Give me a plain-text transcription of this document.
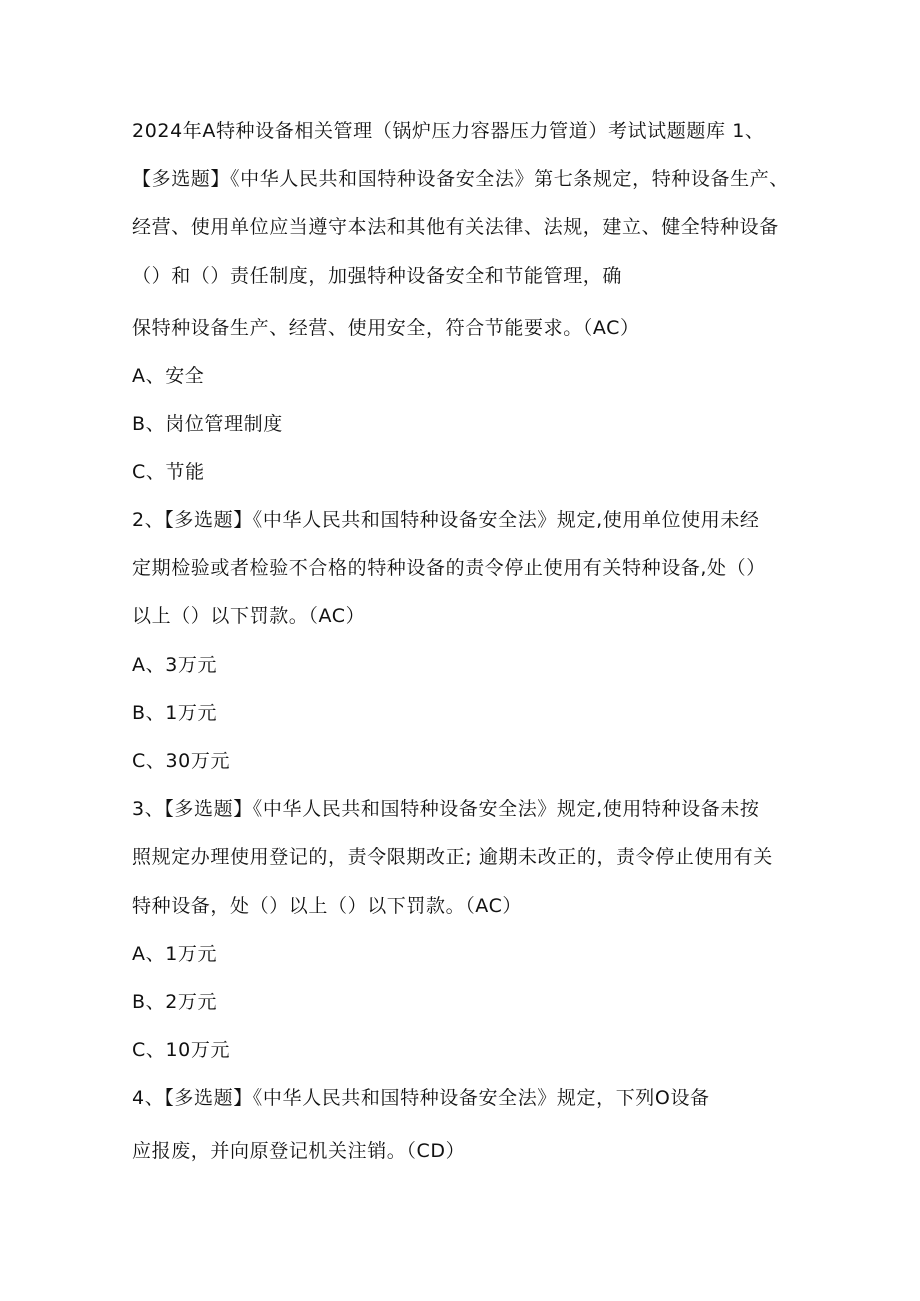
2024年A特种设备相关管理（锅炉压力容器压力管道）考试试题题库 1、
【多选题】《中华人民共和国特种设备安全法》第七条规定，特种设备生产、
经营、使用单位应当遵守本法和其他有关法律、法规，建立、健全特种设备
（）和（）责任制度，加强特种设备安全和节能管理，确
保特种设备生产、经营、使用安全，符合节能要求。（AC）
A、安全
B、岗位管理制度
C、节能
2、【多选题】《中华人民共和国特种设备安全法》规定,使用单位使用未经
定期检验或者检验不合格的特种设备的责令停止使用有关特种设备,处（）
以上（）以下罚款。（AC）
A、3万元
B、1万元
C、30万元
3、【多选题】《中华人民共和国特种设备安全法》规定,使用特种设备未按
照规定办理使用登记的，责令限期改正; 逾期未改正的，责令停止使用有关
特种设备，处（）以上（）以下罚款。（AC）
A、1万元
B、2万元
C、10万元
4、【多选题】《中华人民共和国特种设备安全法》规定，下列O设备
应报废，并向原登记机关注销。（CD）
